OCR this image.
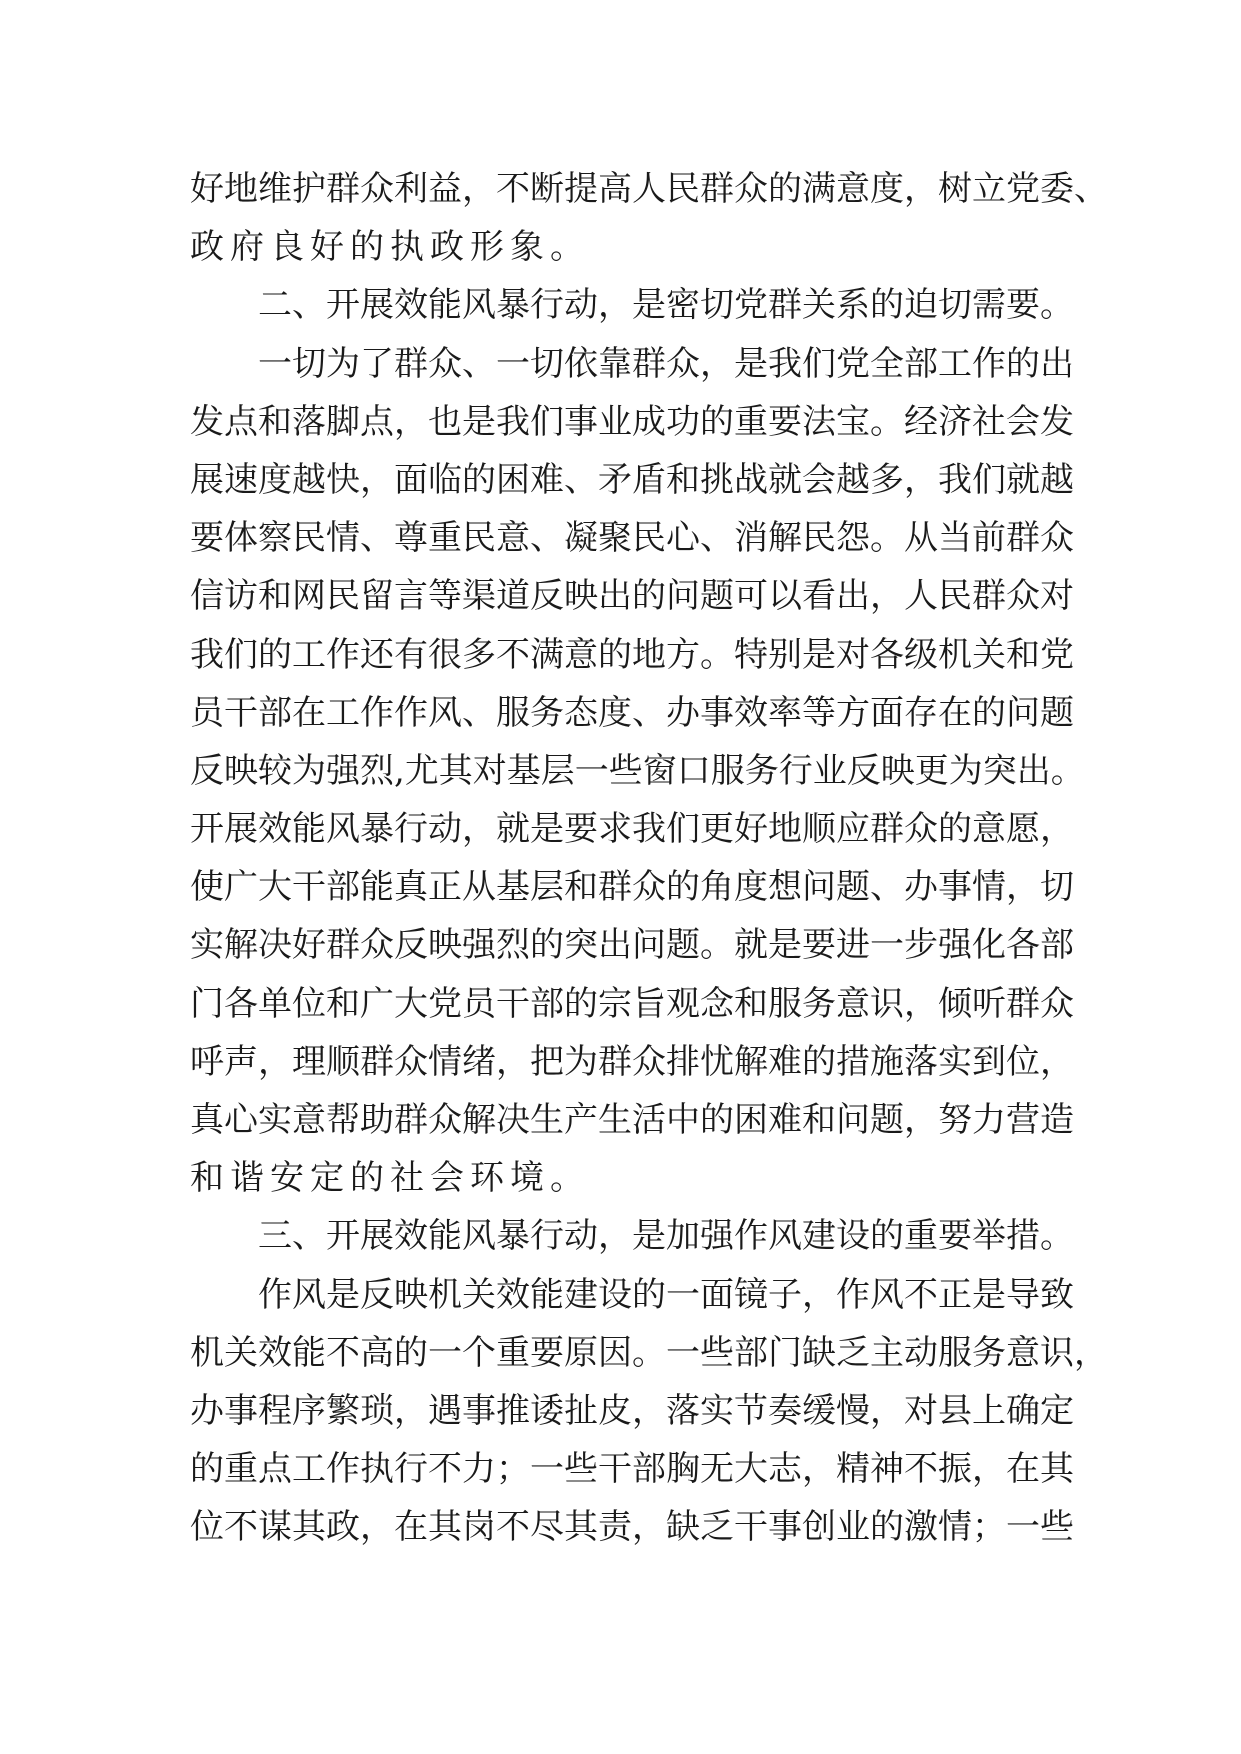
好地维护群众利益，不断提高人民群众的满意度，树立党委、
政府良好的执政形象。
二、开展效能风暴行动，是密切党群关系的迫切需要。
一切为了群众、一切依靠群众，是我们党全部工作的出
发点和落脚点，也是我们事业成功的重要法宝。经济社会发
展速度越快，面临的困难、矛盾和挑战就会越多，我们就越
要体察民情、尊重民意、凝聚民心、消解民怨。从当前群众
信访和网民留言等渠道反映出的问题可以看出，人民群众对
我们的工作还有很多不满意的地方。特别是对各级机关和党
员干部在工作作风、服务态度、办事效率等方面存在的问题
反映较为强烈,尤其对基层一些窗口服务行业反映更为突出。
开展效能风暴行动，就是要求我们更好地顺应群众的意愿，
使广大干部能真正从基层和群众的角度想问题、办事情，切
实解决好群众反映强烈的突出问题。就是要进一步强化各部
门各单位和广大党员干部的宗旨观念和服务意识，倾听群众
呼声，理顺群众情绪，把为群众排忧解难的措施落实到位，
真心实意帮助群众解决生产生活中的困难和问题，努力营造
和谐安定的社会环境。
三、开展效能风暴行动，是加强作风建设的重要举措。
作风是反映机关效能建设的一面镜子，作风不正是导致
机关效能不高的一个重要原因。一些部门缺乏主动服务意识，
办事程序繁琐，遇事推诿扯皮，落实节奏缓慢，对县上确定
的重点工作执行不力；一些干部胸无大志，精神不振，在其
位不谋其政，在其岗不尽其责，缺乏干事创业的激情；一些
